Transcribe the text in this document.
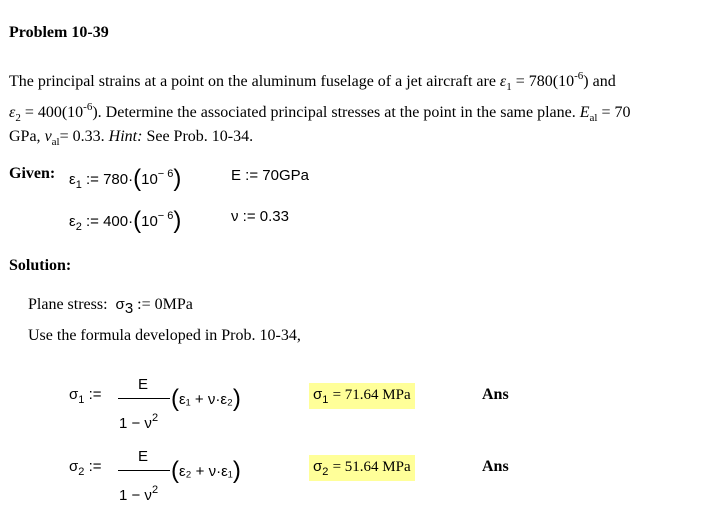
Problem 10-39
The principal strains at a point on the aluminum fuselage of a jet aircraft are $\varepsilon_1 = 780(10^{-6})$ and
$\varepsilon_2 = 400(10^{-6})$. Determine the associated principal stresses at the point in the same plane. $E_{al} = 70$
GPa, $\nu_{al}= 0.33$. Hint: See Prob. 10-34.
Given: $\varepsilon_1$ := $780\cdot(10^{- 6})$	E := 70GPa
$\varepsilon_2$ := $400\cdot(10^{- 6})$	ν := 0.33
Solution:
Plane stress: $\sigma_3$ := 0MPa
Use the formula developed in Prob. 10-34,
$\sigma_1$ :=
E
$1 - \nu^2$
(ε₁ + ν·ε₂)	$\sigma_1 = 71.64$ MPa	Ans
$\sigma_2$ :=
E
$1 - \nu^2$
(ε₂ + ν·ε₁)	$\sigma_2 = 51.64$ MPa	Ans
